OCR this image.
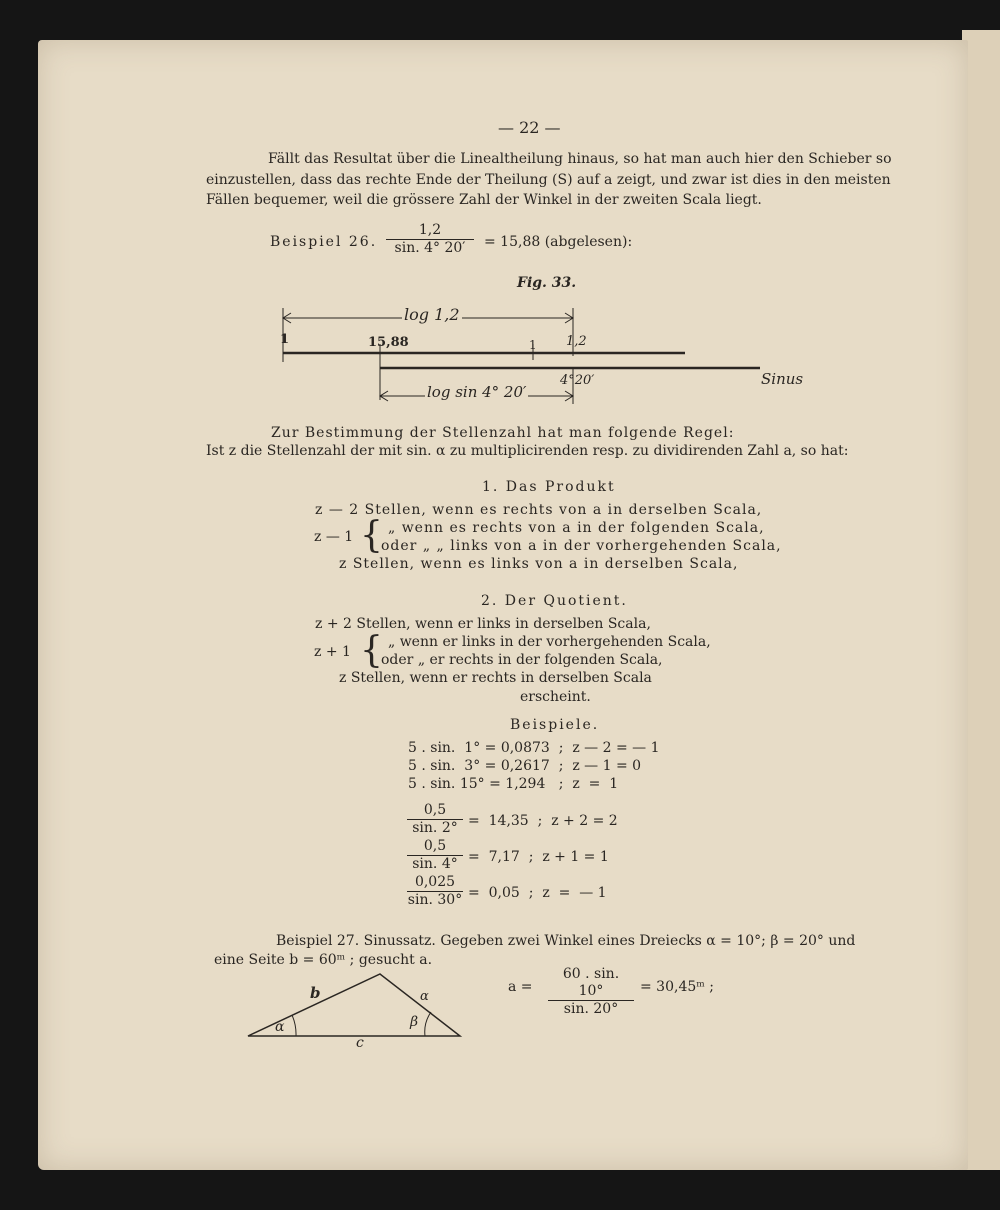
— 22 —
Fällt das Resultat über die Linealtheilung hinaus, so hat man auch hier den Schieber so
einzustellen, dass das rechte Ende der Theilung (S) auf a zeigt, und zwar ist dies in den meisten
Fällen bequemer, weil die grössere Zahl der Winkel in der zweiten Scala liegt.
Beispiel 26. $\frac{1,2}{\sin. 4^\circ 20'} = 15,88$ (abgelesen):
Fig. 33.
log 1,2
1	15,88	1 1,2
4°20′	Sinus
log sin 4° 20′
Zur Bestimmung der Stellenzahl hat man folgende Regel:
Ist z die Stellenzahl der mit sin. α zu multiplicirenden resp. zu dividirenden Zahl a, so hat:
1. Das Produkt
z — 2 Stellen, wenn es rechts von a in derselben Scala,
z — 1 { „ wenn es rechts von a in der folgenden Scala,
oder „ „ links von a in der vorhergehenden Scala,
z Stellen, wenn es links von a in derselben Scala,
2. Der Quotient.
z + 2 Stellen, wenn er links in derselben Scala,
z + 1 { „ wenn er links in der vorhergehenden Scala,
oder „ er rechts in der folgenden Scala,
z Stellen, wenn er rechts in derselben Scala
erscheint.
Beispiele.
5 . sin.  1° = 0,0873  ;  z — 2 = — 1
5 . sin.  3° = 0,2617  ;  z — 1 = 0
5 . sin. 15° = 1,294   ;  z  =  1
$\frac{0,5}{\sin. 2^\circ} = 14,35$  ;  z + 2 = 2
$\frac{0,5}{\sin. 4^\circ} = 7,17$  ;  z + 1 = 1
$\frac{0,025}{\sin. 30^\circ} = 0,05$  ;  z  =  — 1
Beispiel 27. Sinussatz. Gegeben zwei Winkel eines Dreiecks α = 10°; β = 20° und
eine Seite b = 60ᵐ ; gesucht a.
$a = \frac{60 . \sin. 10^\circ}{\sin. 20^\circ}$ = 30,45ᵐ ;
b	α
α	β
c
